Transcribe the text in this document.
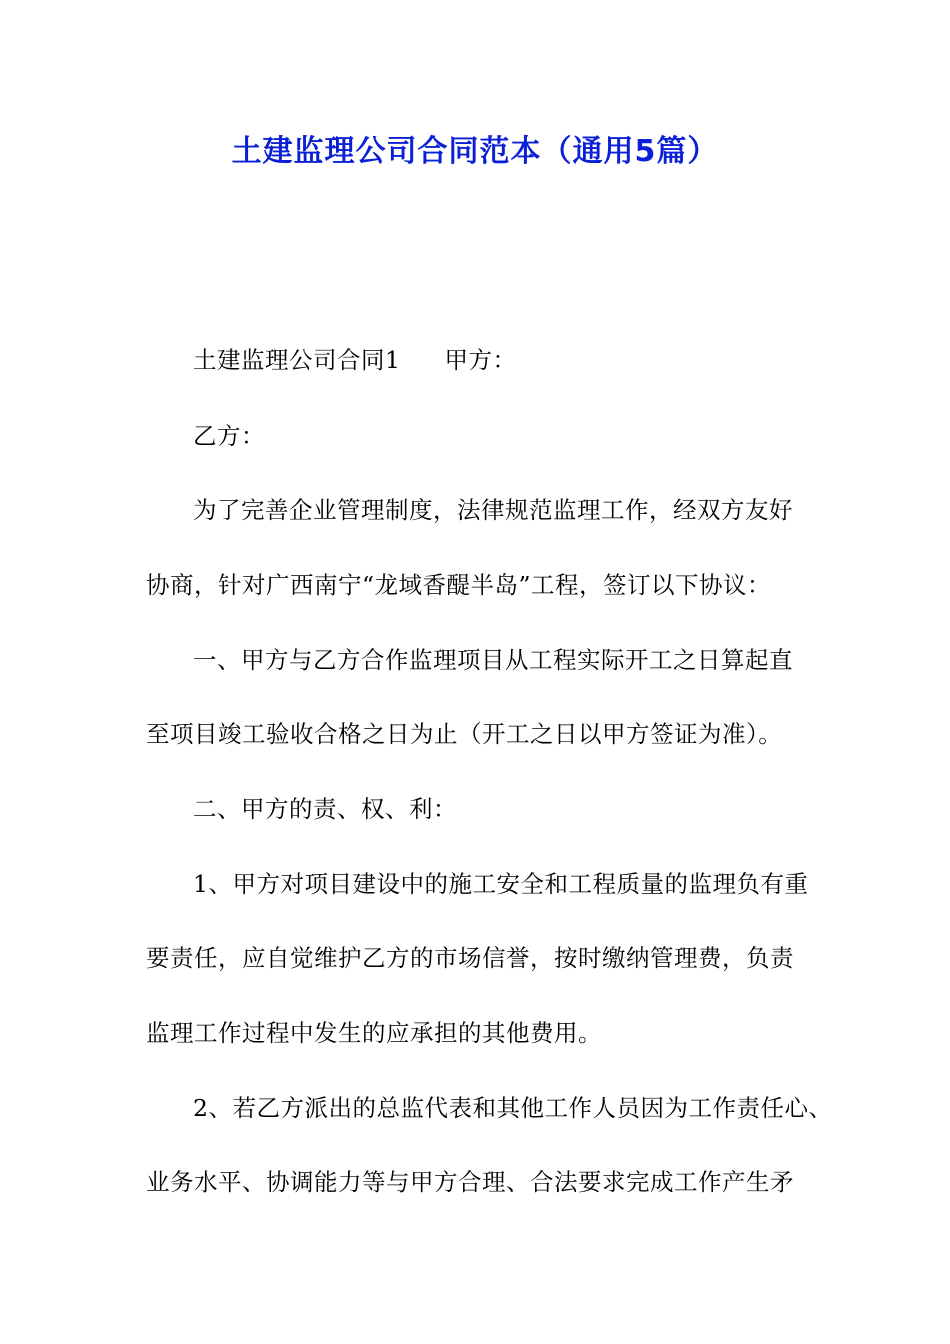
土建监理公司合同范本（通用5篇）
土建监理公司合同1 甲方：
乙方：
为了完善企业管理制度，法律规范监理工作，经双方友好
协商，针对广西南宁“龙域香醍半岛”工程，签订以下协议：
一、甲方与乙方合作监理项目从工程实际开工之日算起直
至项目竣工验收合格之日为止（开工之日以甲方签证为准）。
二、甲方的责、权、利：
1、甲方对项目建设中的施工安全和工程质量的监理负有重
要责任，应自觉维护乙方的市场信誉，按时缴纳管理费，负责
监理工作过程中发生的应承担的其他费用。
2、若乙方派出的总监代表和其他工作人员因为工作责任心、
业务水平、协调能力等与甲方合理、合法要求完成工作产生矛
